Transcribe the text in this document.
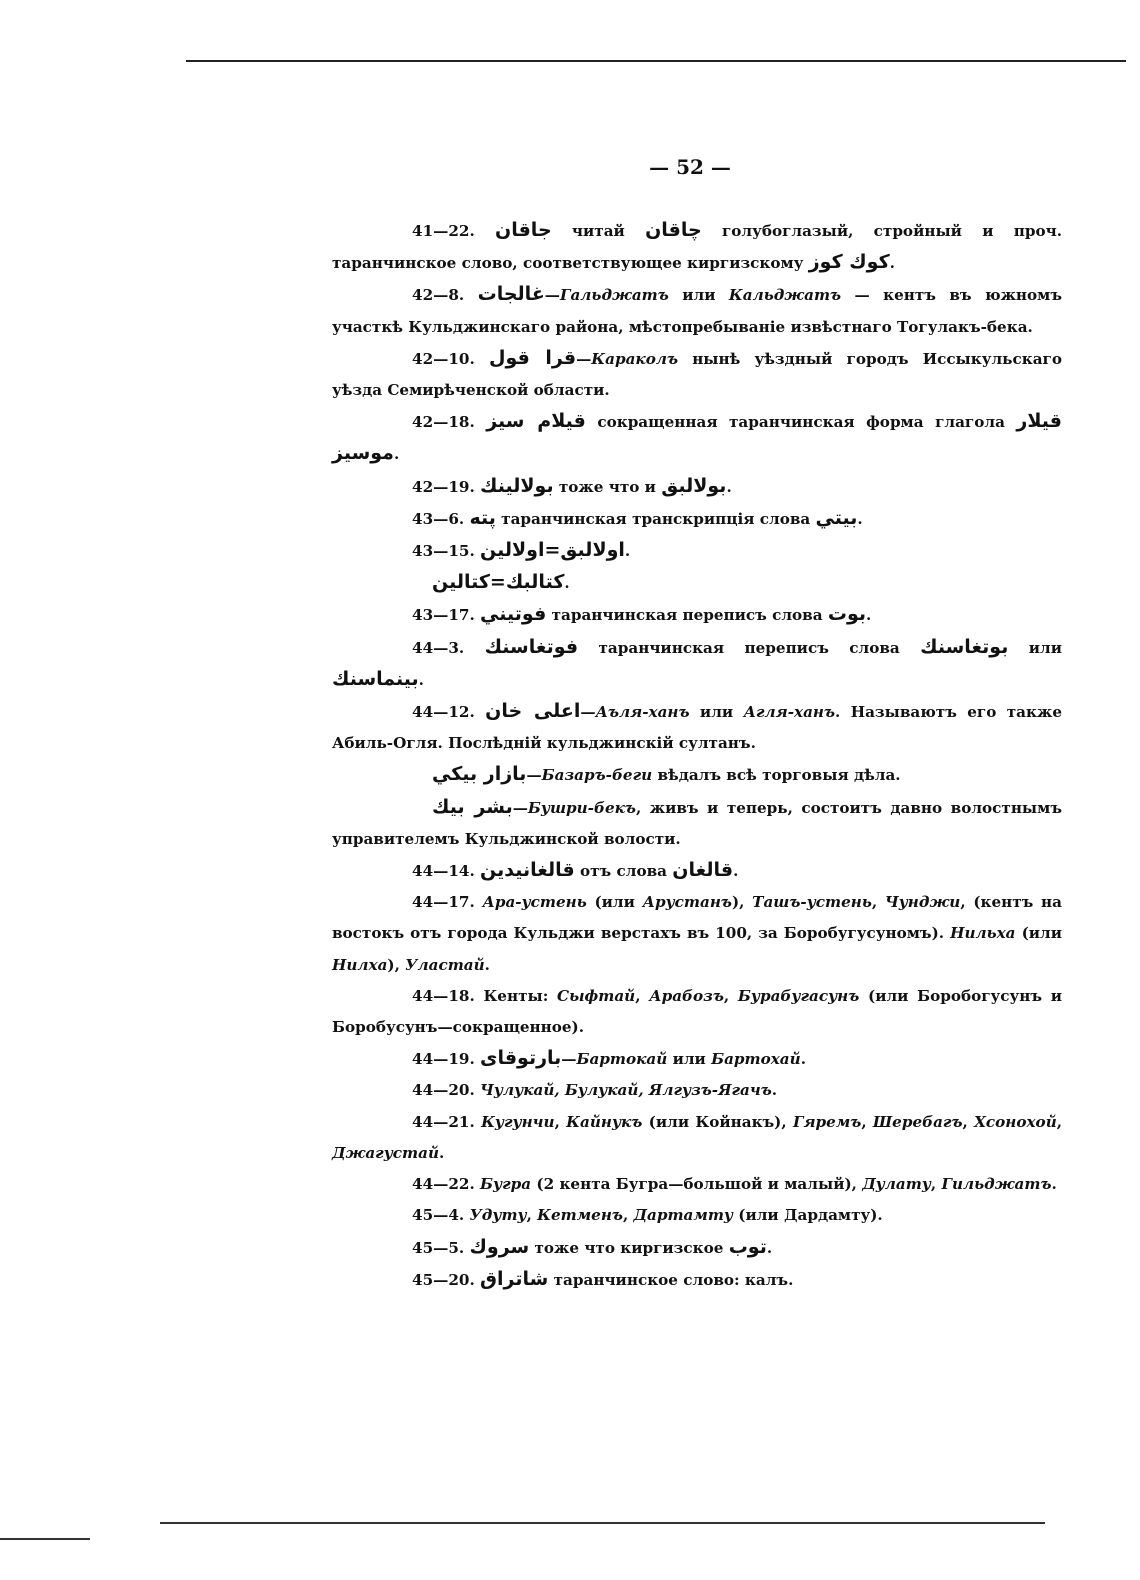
— 52 —

41—22. جاقان читай چاقان голубоглазый, стройный и проч. таранчинское слово, соответствующее киргизскому كوك كوز.

42—8. غالجات—Гальджатъ или Кальджатъ — кентъ въ южномъ участкѣ Кульджинскаго района, мѣстопребываніе извѣстнаго Тогулакъ-бека.

42—10. قرا قول—Караколъ нынѣ уѣздный городъ Иссыкульскаго уѣзда Семирѣченской области.

42—18. قيلام سيز сокращенная таранчинская форма глагола قيلار موسيز.

42—19. بولالينك тоже что и بولالبق.

43—6. پتە таранчинская транскрипція слова بيتي.

43—15. اولالبق=اولالين.

كتالبك=كتالين.

43—17. فوتيني таранчинская переписъ слова بوت.

44—3. فوتغاسنك таранчинская переписъ слова بوتغاسنك или بينماسنك.

44—12. اعلى خان—Аъля-ханъ или Агля-ханъ. Называютъ его также Абиль-Огля. Послѣдній кульджинскій султанъ.

بازار بيكي—Базаръ-беги вѣдалъ всѣ торговыя дѣла.

بشر بيك—Бушри-бекъ, живъ и теперь, состоитъ давно волостнымъ управителемъ Кульджинской волости.

44—14. قالغانيدين отъ слова قالغان.

44—17. Ара-устень (или Арустанъ), Ташъ-устень, Чунджи, (кентъ на востокъ отъ города Кульджи верстахъ въ 100, за Боробугусуномъ). Нильха (или Нилха), Уластай.

44—18. Кенты: Сыфтай, Арабозъ, Бурабугасунъ (или Боробогусунъ и Боробусунъ—сокращенное).

44—19. بارتوقای—Бартокай или Бартохай.

44—20. Чулукай, Булукай, Ялгузъ-Ягачъ.

44—21. Кугунчи, Кайнукъ (или Койнакъ), Гяремъ, Шеребагъ, Хсонохой, Джагустай.

44—22. Бугра (2 кента Бугра—большой и малый), Дулату, Гильджатъ.

45—4. Удуту, Кетменъ, Дартамту (или Дардамту).

45—5. سروك тоже что киргизское توب.

45—20. شاتراق таранчинское слово: калъ.
